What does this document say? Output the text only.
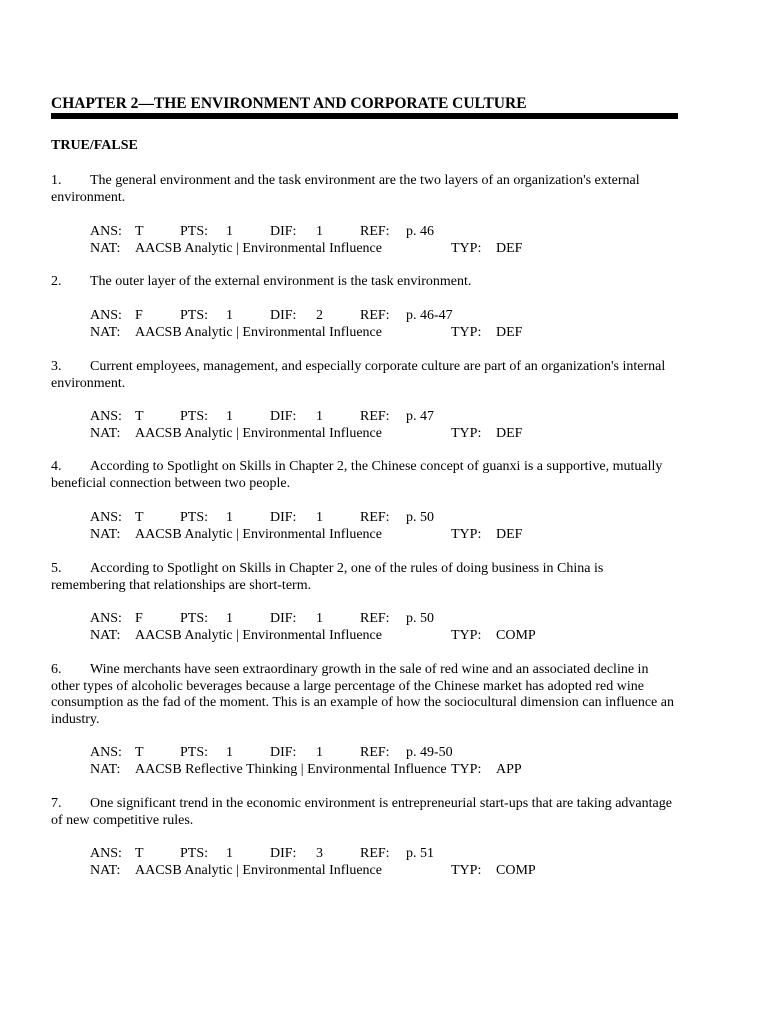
CHAPTER 2—THE ENVIRONMENT AND CORPORATE CULTURE
TRUE/FALSE
1. The general environment and the task environment are the two layers of an organization's external environment.
ANS: T	PTS: 1	DIF: 1	REF: p. 46
NAT: AACSB Analytic | Environmental Influence	TYP: DEF
2. The outer layer of the external environment is the task environment.
ANS: F	PTS: 1	DIF: 2	REF: p. 46-47
NAT: AACSB Analytic | Environmental Influence	TYP: DEF
3. Current employees, management, and especially corporate culture are part of an organization's internal environment.
ANS: T	PTS: 1	DIF: 1	REF: p. 47
NAT: AACSB Analytic | Environmental Influence	TYP: DEF
4. According to Spotlight on Skills in Chapter 2, the Chinese concept of guanxi is a supportive, mutually beneficial connection between two people.
ANS: T	PTS: 1	DIF: 1	REF: p. 50
NAT: AACSB Analytic | Environmental Influence	TYP: DEF
5. According to Spotlight on Skills in Chapter 2, one of the rules of doing business in China is remembering that relationships are short-term.
ANS: F	PTS: 1	DIF: 1	REF: p. 50
NAT: AACSB Analytic | Environmental Influence	TYP: COMP
6. Wine merchants have seen extraordinary growth in the sale of red wine and an associated decline in other types of alcoholic beverages because a large percentage of the Chinese market has adopted red wine consumption as the fad of the moment. This is an example of how the sociocultural dimension can influence an industry.
ANS: T	PTS: 1	DIF: 1	REF: p. 49-50
NAT: AACSB Reflective Thinking | Environmental Influence TYP: APP
7. One significant trend in the economic environment is entrepreneurial start-ups that are taking advantage of new competitive rules.
ANS: T	PTS: 1	DIF: 3	REF: p. 51
NAT: AACSB Analytic | Environmental Influence	TYP: COMP
